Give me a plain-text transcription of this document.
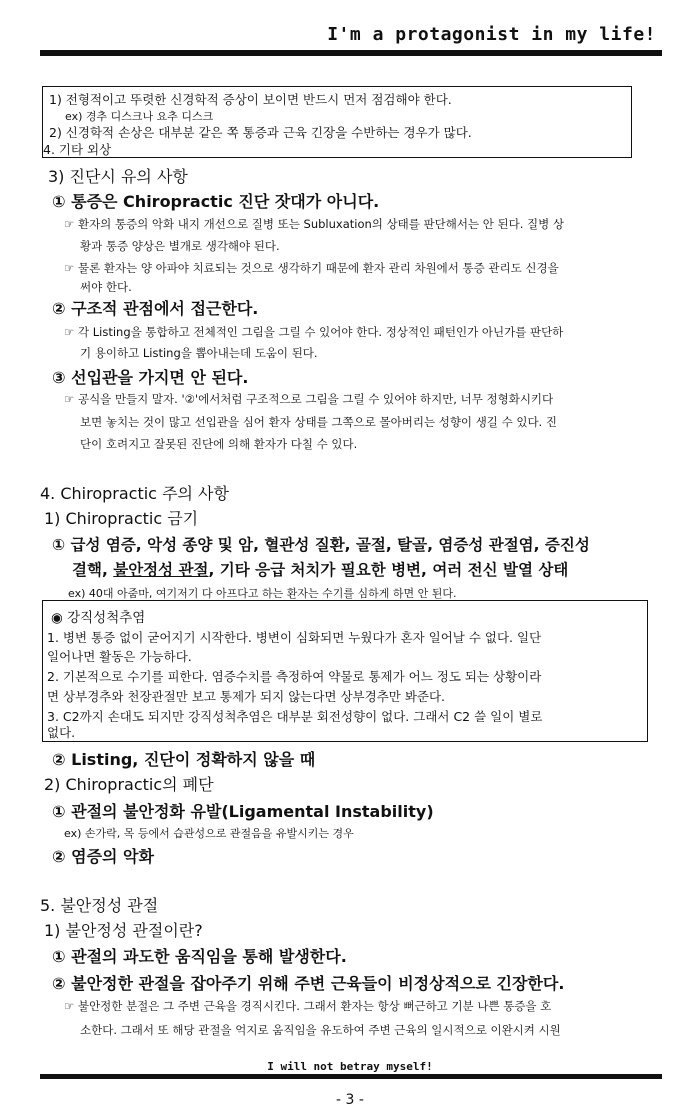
I'm a protagonist in my life!
1) 전형적이고 뚜렷한 신경학적 증상이 보이면 반드시 먼저 점검해야 한다.
ex) 경추 디스크나 요추 디스크
2) 신경학적 손상은 대부분 같은 쪽 통증과 근육 긴장을 수반하는 경우가 많다.
4. 기타 외상
3) 진단시 유의 사항
① 통증은 Chiropractic 진단 잣대가 아니다.
☞ 환자의 통증의 악화 내지 개선으로 질병 또는 Subluxation의 상태를 판단해서는 안 된다. 질병 상
황과 통증 양상은 별개로 생각해야 된다.
☞ 물론 환자는 양 아파야 치료되는 것으로 생각하기 때문에 환자 관리 차원에서 통증 관리도 신경을
써야 한다.
② 구조적 관점에서 접근한다.
☞ 각 Listing을 통합하고 전체적인 그림을 그릴 수 있어야 한다. 정상적인 패턴인가 아닌가를 판단하
기 용이하고 Listing을 뽑아내는데 도움이 된다.
③ 선입관을 가지면 안 된다.
☞ 공식을 만들지 말자. '②'에서처럼 구조적으로 그림을 그릴 수 있어야 하지만, 너무 정형화시키다
보면 놓치는 것이 많고 선입관을 심어 환자 상태를 그쪽으로 몰아버리는 성향이 생길 수 있다. 진
단이 호려지고 잘못된 진단에 의해 환자가 다칠 수 있다.
4. Chiropractic 주의 사항
1) Chiropractic 금기
① 급성 염증, 악성 종양 및 암, 혈관성 질환, 골절, 탈골, 염증성 관절염, 증진성
결핵, 불안정성 관절, 기타 응급 처치가 필요한 병변, 여러 전신 발열 상태
ex) 40대 아줌마, 여기저기 다 아프다고 하는 환자는 수기를 심하게 하면 안 된다.
◉ 강직성척추염
1. 병변 통증 없이 굳어지기 시작한다. 병변이 심화되면 누웠다가 혼자 일어날 수 없다. 일단
일어나면 활동은 가능하다.
2. 기본적으로 수기를 피한다. 염증수치를 측정하여 약물로 통제가 어느 정도 되는 상황이라
면 상부경추와 천장관절만 보고 통제가 되지 않는다면 상부경추만 봐준다.
3. C2까지 손대도 되지만 강직성척추염은 대부분 회전성향이 없다. 그래서 C2 쓸 일이 별로
없다.
② Listing, 진단이 정확하지 않을 때
2) Chiropractic의 폐단
① 관절의 불안정화 유발(Ligamental Instability)
ex) 손가락, 목 등에서 습관성으로 관절음을 유발시키는 경우
② 염증의 악화
5. 불안정성 관절
1) 불안정성 관절이란?
① 관절의 과도한 움직임을 통해 발생한다.
② 불안정한 관절을 잡아주기 위해 주변 근육들이 비정상적으로 긴장한다.
☞ 불안정한 분절은 그 주변 근육을 경직시킨다. 그래서 환자는 항상 뻐근하고 기분 나쁜 통증을 호
소한다. 그래서 또 해당 관절을 억지로 움직임을 유도하여 주변 근육의 일시적으로 이완시켜 시원
I will not betray myself!
- 3 -
